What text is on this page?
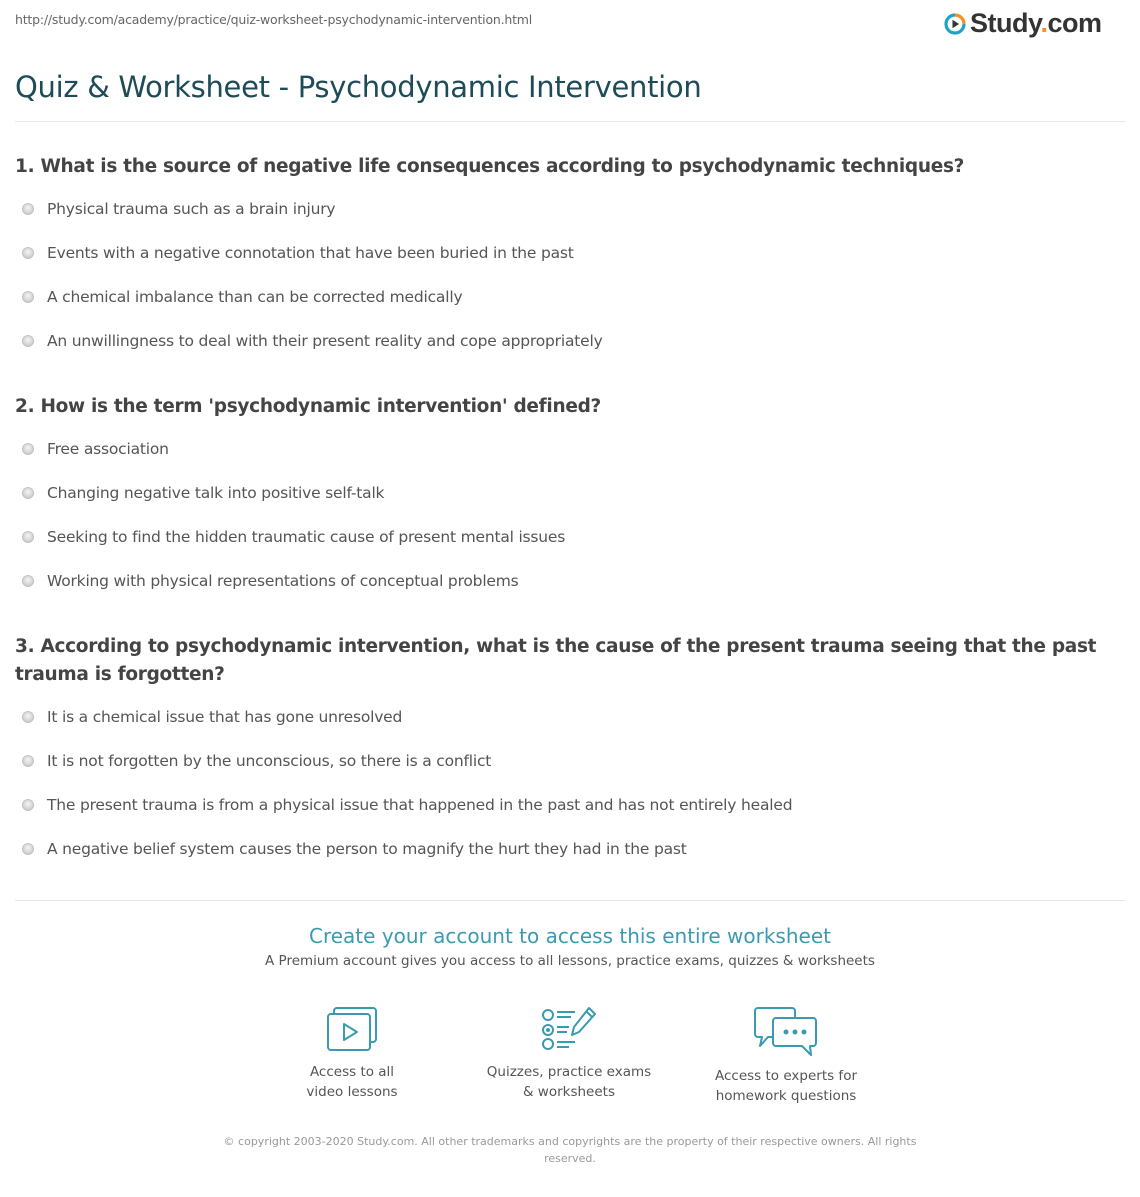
http://study.com/academy/practice/quiz-worksheet-psychodynamic-intervention.html	Study.com
Quiz & Worksheet - Psychodynamic Intervention
1. What is the source of negative life consequences according to psychodynamic techniques?
Physical trauma such as a brain injury
Events with a negative connotation that have been buried in the past
A chemical imbalance than can be corrected medically
An unwillingness to deal with their present reality and cope appropriately
2. How is the term 'psychodynamic intervention' defined?
Free association
Changing negative talk into positive self-talk
Seeking to find the hidden traumatic cause of present mental issues
Working with physical representations of conceptual problems
3. According to psychodynamic intervention, what is the cause of the present trauma seeing that the past trauma is forgotten?
It is a chemical issue that has gone unresolved
It is not forgotten by the unconscious, so there is a conflict
The present trauma is from a physical issue that happened in the past and has not entirely healed
A negative belief system causes the person to magnify the hurt they had in the past
Create your account to access this entire worksheet
A Premium account gives you access to all lessons, practice exams, quizzes & worksheets
Access to all
video lessons
Quizzes, practice exams
& worksheets
Access to experts for
homework questions
© copyright 2003-2020 Study.com. All other trademarks and copyrights are the property of their respective owners. All rights
reserved.
